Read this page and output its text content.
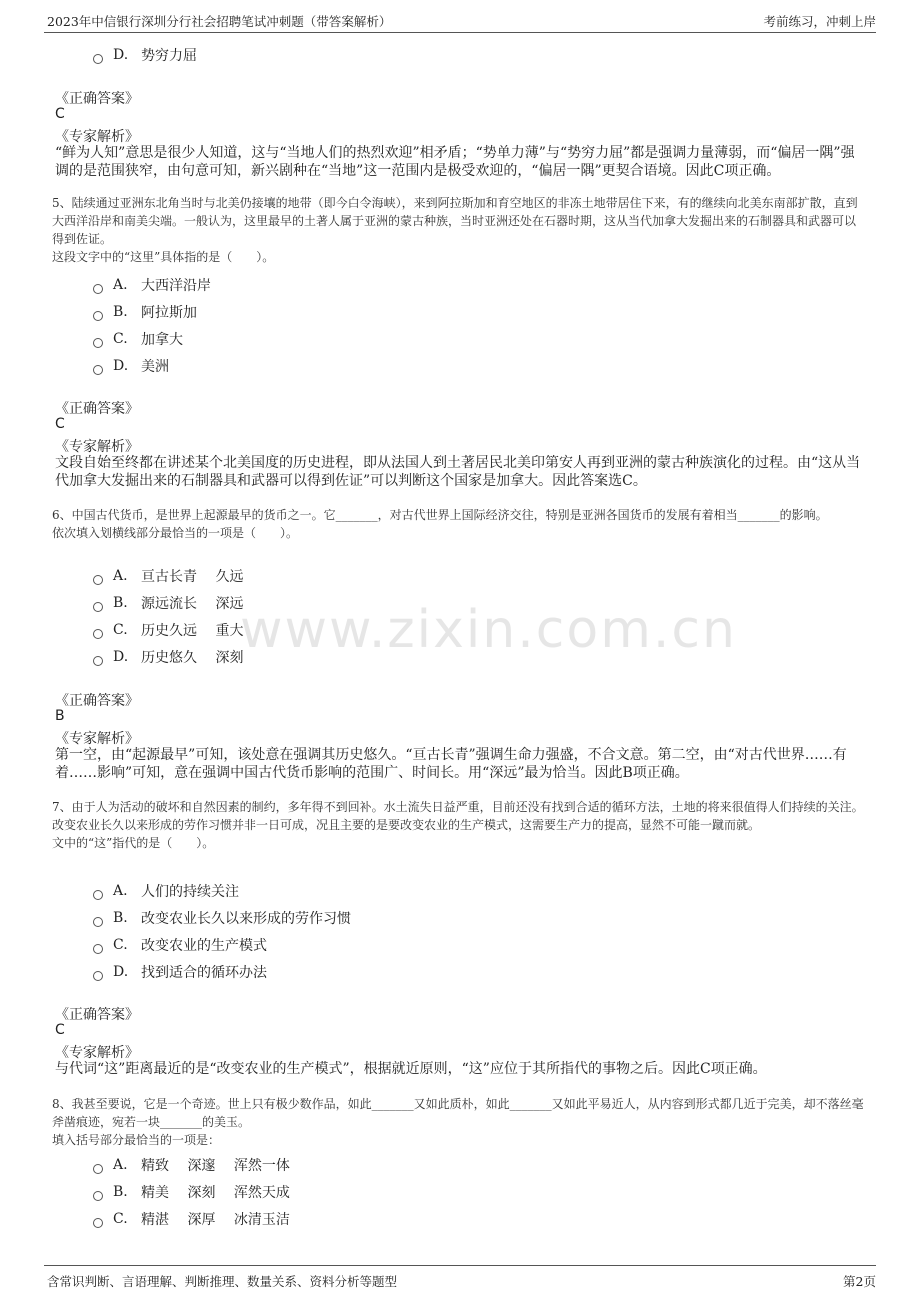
2023年中信银行深圳分行社会招聘笔试冲刺题（带答案解析）	考前练习，冲刺上岸
www.zixin.com.cn
D. 势穷力屈
《正确答案》
C
《专家解析》
“鲜为人知”意思是很少人知道，这与“当地人们的热烈欢迎”相矛盾；“势单力薄”与“势穷力屈”都是强调力量薄弱，而“偏居一隅”强调的是范围狭窄，由句意可知，新兴剧种在“当地”这一范围内是极受欢迎的，“偏居一隅”更契合语境。因此C项正确。

5、陆续通过亚洲东北角当时与北美仍接壤的地带（即今白令海峡），来到阿拉斯加和育空地区的非冻土地带居住下来，有的继续向北美东南部扩散，直到大西洋沿岸和南美尖端。一般认为，这里最早的土著人属于亚洲的蒙古种族，当时亚洲还处在石器时期，这从当代加拿大发掘出来的石制器具和武器可以得到佐证。

这段文字中的“这里”具体指的是（　　）。

A. 大西洋沿岸
B. 阿拉斯加
C. 加拿大
D. 美洲
《正确答案》
C
《专家解析》
文段自始至终都在讲述某个北美国度的历史进程，即从法国人到土著居民北美印第安人再到亚洲的蒙古种族演化的过程。由“这从当代加拿大发掘出来的石制器具和武器可以得到佐证”可以判断这个国家是加拿大。因此答案选C。

6、中国古代货币，是世界上起源最早的货币之一。它_______，对古代世界上国际经济交往，特别是亚洲各国货币的发展有着相当_______的影响。

依次填入划横线部分最恰当的一项是（　　）。

A. 亘古长青　 久远
B. 源远流长　 深远
C. 历史久远　 重大
D. 历史悠久　 深刻
《正确答案》
B
《专家解析》
第一空，由“起源最早”可知，该处意在强调其历史悠久。“亘古长青”强调生命力强盛，不合文意。第二空，由“对古代世界……有着……影响”可知，意在强调中国古代货币影响的范围广、时间长。用“深远”最为恰当。因此B项正确。

7、由于人为活动的破坏和自然因素的制约，多年得不到回补。水土流失日益严重，目前还没有找到合适的循环方法，土地的将来很值得人们持续的关注。改变农业长久以来形成的劳作习惯并非一日可成，况且主要的是要改变农业的生产模式，这需要生产力的提高，显然不可能一蹴而就。

文中的“这”指代的是（　　）。

A. 人们的持续关注
B. 改变农业长久以来形成的劳作习惯
C. 改变农业的生产模式
D. 找到适合的循环办法
《正确答案》
C
《专家解析》
与代词“这”距离最近的是“改变农业的生产模式”，根据就近原则，“这”应位于其所指代的事物之后。因此C项正确。

8、我甚至要说，它是一个奇迹。世上只有极少数作品，如此_______又如此质朴，如此_______又如此平易近人，从内容到形式都几近于完美，却不落丝毫斧凿痕迹，宛若一块_______的美玉。

填入括号部分最恰当的一项是：

A. 精致　 深邃　 浑然一体
B. 精美　 深刻　 浑然天成
C. 精湛　 深厚　 冰清玉洁
含常识判断、言语理解、判断推理、数量关系、资料分析等题型	第2页
